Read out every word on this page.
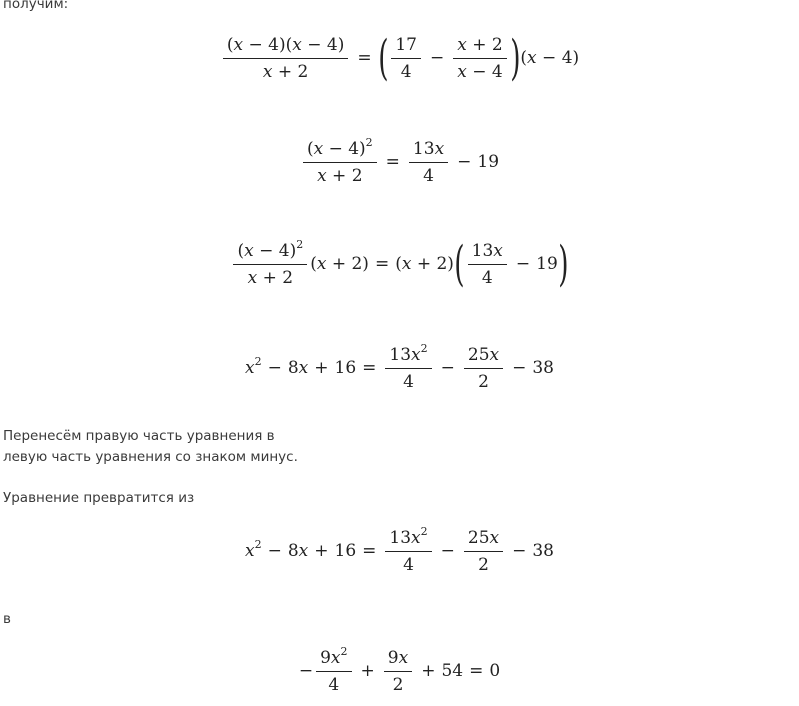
получим:

$\frac{(x - 4)(x - 4)}{x + 2}$ = ( $\frac{17}{4} - \frac{x + 2}{x - 4}$ ) (x − 4)
$\frac{(x - 4)^2}{x + 2} = \frac{13x}{4} - 19$
$\frac{(x - 4)^2}{x + 2} (x + 2) = (x + 2)$ ( $\frac{13x}{4} - 19$ )
$x^2 - 8x + 16 = \frac{13x^2}{4} - \frac{25x}{2} - 38$

Перенесём правую часть уравнения в

левую часть уравнения со знаком минус.

Уравнение превратится из

$x^2 - 8x + 16 = \frac{13x^2}{4} - \frac{25x}{2} - 38$

в

− $\frac{9x^2}{4} + \frac{9x}{2} + 54 = 0$
